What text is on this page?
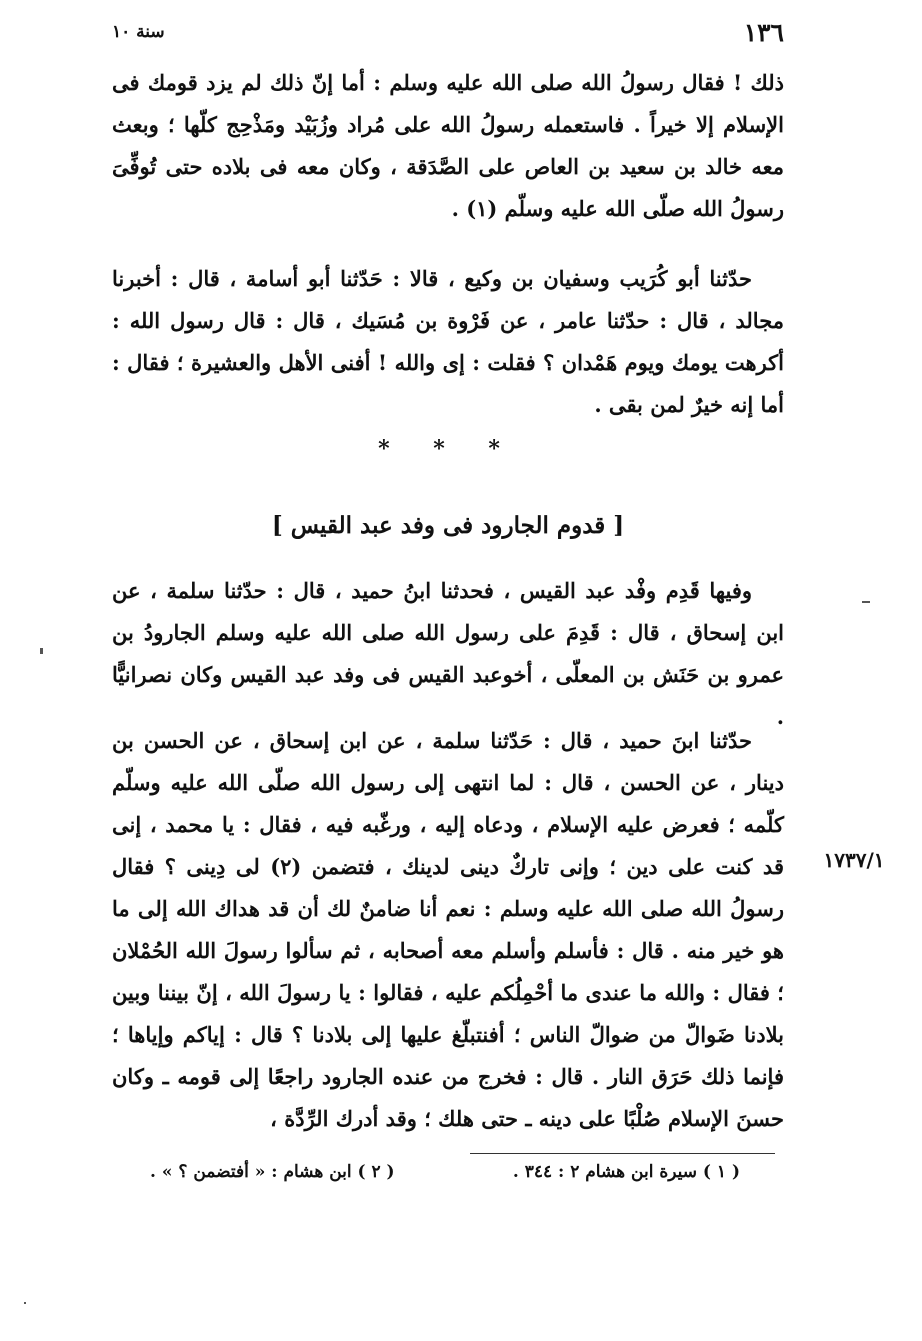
١٣٦
سنة ١٠

ذلك ! فقال رسولُ الله صلى الله عليه وسلم : أما إنّ ذلك لم يزد قومك فى الإسلام إلا خيراً . فاستعمله رسولُ الله على مُراد وزُبَيْد ومَذْحِج كلّها ؛ وبعث معه خالد بن سعيد بن العاص على الصَّدَقة ، وكان معه فى بلاده حتى تُوفِّىَ رسولُ الله صلّى الله عليه وسلّم (١) .

حدّثنا أبو كُرَيب وسفيان بن وكيع ، قالا : حَدّثنا أبو أسامة ، قال : أخبرنا مجالد ، قال : حدّثنا عامر ، عن فَرْوة بن مُسَيك ، قال : قال رسول الله : أكرهت يومك ويوم هَمْدان ؟ فقلت : إى والله ! أفنى الأهل والعشيرة ؛ فقال : أما إنه خيرٌ لمن بقى .

* * *
[ قدوم الجارود فى وفد عبد القيس ]

وفيها قَدِم وفْد عبد القيس ، فحدثنا ابنُ حميد ، قال : حدّثنا سلمة ، عن ابن إسحاق ، قال : قَدِمَ على رسول الله صلى الله عليه وسلم الجارودُ بن عمرو بن حَنَش بن المعلّى ، أخوعبد القيس فى وفد عبد القيس وكان نصرانيًّا .

حدّثنا ابنَ حميد ، قال : حَدّثنا سلمة ، عن ابن إسحاق ، عن الحسن بن دينار ، عن الحسن ، قال : لما انتهى إلى رسول الله صلّى الله عليه وسلّم كلّمه ؛ فعرض عليه الإسلام ، ودعاه إليه ، ورغّبه فيه ، فقال : يا محمد ، إنى قد كنت على دين ؛ وإنى تاركٌ دينى لدينك ، فتضمن (٢) لى دِينى ؟ فقال رسولُ الله صلى الله عليه وسلم : نعم أنا ضامنٌ لك أن قد هداك الله إلى ما هو خير منه . قال : فأسلم وأسلم معه أصحابه ، ثم سألوا رسولَ الله الحُمْلان ؛ فقال : والله ما عندى ما أحْمِلُكم عليه ، فقالوا : يا رسولَ الله ، إنّ بيننا وبين بلادنا ضَوالّ من ضوالّ الناس ؛ أفنتبلّغ عليها إلى بلادنا ؟ قال : إياكم وإياها ؛ فإنما ذلك حَرَق النار . قال : فخرج من عنده الجارود راجعًا إلى قومه ـ وكان حسنَ الإسلام صُلْبًا على دينه ـ حتى هلك ؛ وقد أدرك الرِّدَّة ،

١٧٣٧/١
( ١ ) سيرة ابن هشام ٢ : ٣٤٤ .
( ٢ ) ابن هشام : « أفتضمن ؟ » .
